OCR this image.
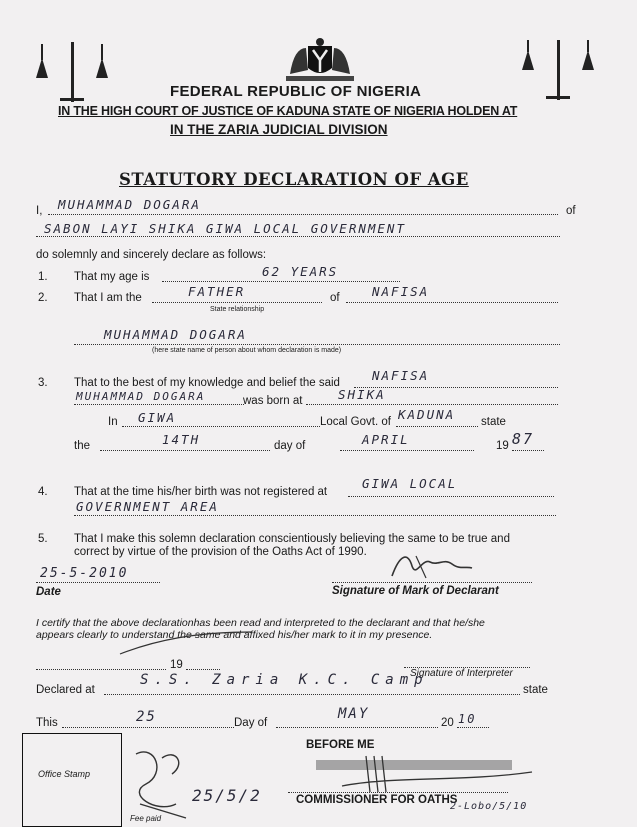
FEDERAL REPUBLIC OF NIGERIA
IN THE HIGH COURT OF JUSTICE OF KADUNA STATE OF NIGERIA HOLDEN AT
IN THE ZARIA JUDICIAL DIVISION
STATUTORY DECLARATION OF AGE
I, MUHAMMAD DOGARA	of
SABON LAYI SHIKA GIWA LOCAL GOVERNMENT
do solemnly and sincerely declare as follows:
1. That my age is	62 YEARS
2. That I am the	FATHER
State relationship
of	NAFISA
MUHAMMAD DOGARA
(here state name of person about whom declaration is made)
3. That to the best of my knowledge and belief the said	NAFISA
MUHAMMAD DOGARA	was born at	SHIKA
In GIWA	Local Govt. of KADUNA state
the	14TH	day of	APRIL	19 87
4. That at the time his/her birth was not registered at
GIWA LOCAL
GOVERNMENT AREA
5. That I make this solemn declaration conscientiously believing the same to be true and
correct by virtue of the provision of the Oaths Act of 1990.
25-5-2010
Date	Signature of Mark of Declarant
I certify that the above declarationhas been read and interpreted to the declarant and that he/she
appears clearly to understand the same and affixed his/her mark to it in my presence.
19
Signature of Interpreter
Declared at
S.S. Zaria K.C. Camp
state
This	25	Day of
MAY
20 10
BEFORE ME
Office Stamp
Fee paid
25/5/2	COMMISSIONER FOR OATHS
2-Lobo/5/10
